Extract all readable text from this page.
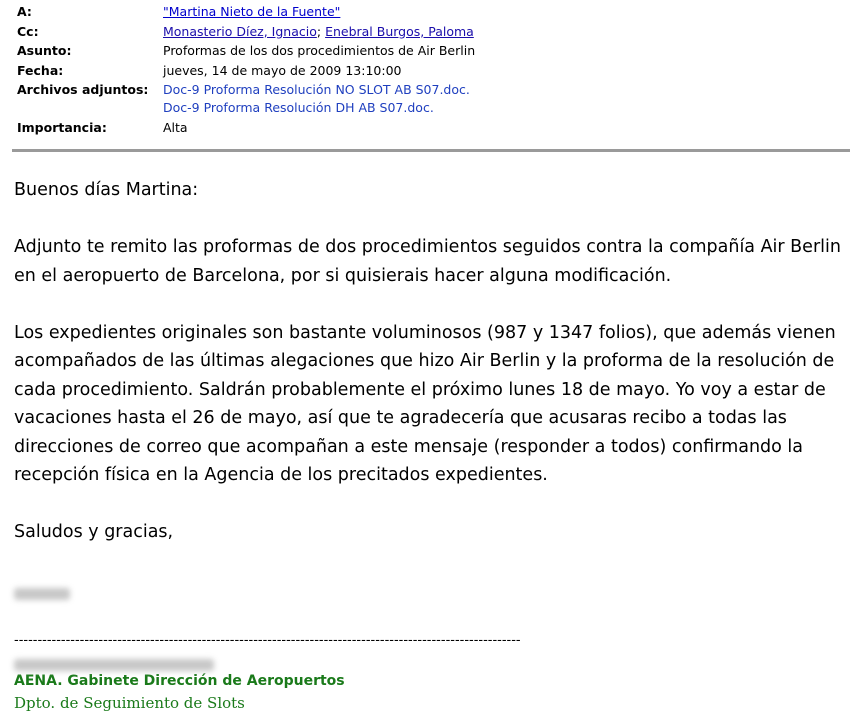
A:	"Martina Nieto de la Fuente"
Cc:	Monasterio Díez, Ignacio; Enebral Burgos, Paloma
Asunto:	Proformas de los dos procedimientos de Air Berlin
Fecha:	jueves, 14 de mayo de 2009 13:10:00
Archivos adjuntos:	Doc-9 Proforma Resolución NO SLOT AB S07.doc.
Doc-9 Proforma Resolución DH AB S07.doc.
Importancia:	Alta

Buenos días Martina:

Adjunto te remito las proformas de dos procedimientos seguidos contra la compañía Air Berlin en el aeropuerto de Barcelona, por si quisierais hacer alguna modificación.

Los expedientes originales son bastante voluminosos (987 y 1347 folios), que además vienen acompañados de las últimas alegaciones que hizo Air Berlin y la proforma de la resolución de cada procedimiento. Saldrán probablemente el próximo lunes 18 de mayo. Yo voy a estar de vacaciones hasta el 26 de mayo, así que te agradecería que acusaras recibo a todas las direcciones de correo que acompañan a este mensaje (responder a todos) confirmando la recepción física en la Agencia de los precitados expedientes.

Saludos y gracias,

------------------------------------------------------------------------------------------------------------
AENA. Gabinete Dirección de Aeropuertos
Dpto. de Seguimiento de Slots
